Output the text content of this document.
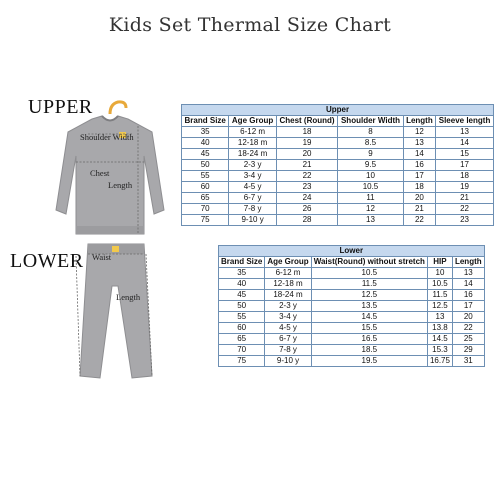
Kids Set Thermal Size Chart
UPPER
Shoulder Width
Chest
Length
Upper					
Brand Size	Age Group	Chest (Round)	Shoulder Width	Length	Sleeve length
35	6-12 m	18	8	12	13
40	12-18 m	19	8.5	13	14
45	18-24 m	20	9	14	15
50	2-3 y	21	9.5	16	17
55	3-4 y	22	10	17	18
60	4-5 y	23	10.5	18	19
65	6-7 y	24	11	20	21
70	7-8 y	26	12	21	22
75	9-10 y	28	13	22	23
LOWER Waist
Length
Lower				
Brand Size	Age Group	Waist(Round) without stretch	HIP	Length
35	6-12 m	10.5	10	13
40	12-18 m	11.5	10.5	14
45	18-24 m	12.5	11.5	16
50	2-3 y	13.5	12.5	17
55	3-4 y	14.5	13	20
60	4-5 y	15.5	13.8	22
65	6-7 y	16.5	14.5	25
70	7-8 y	18.5	15.3	29
75	9-10 y	19.5	16.75	31
